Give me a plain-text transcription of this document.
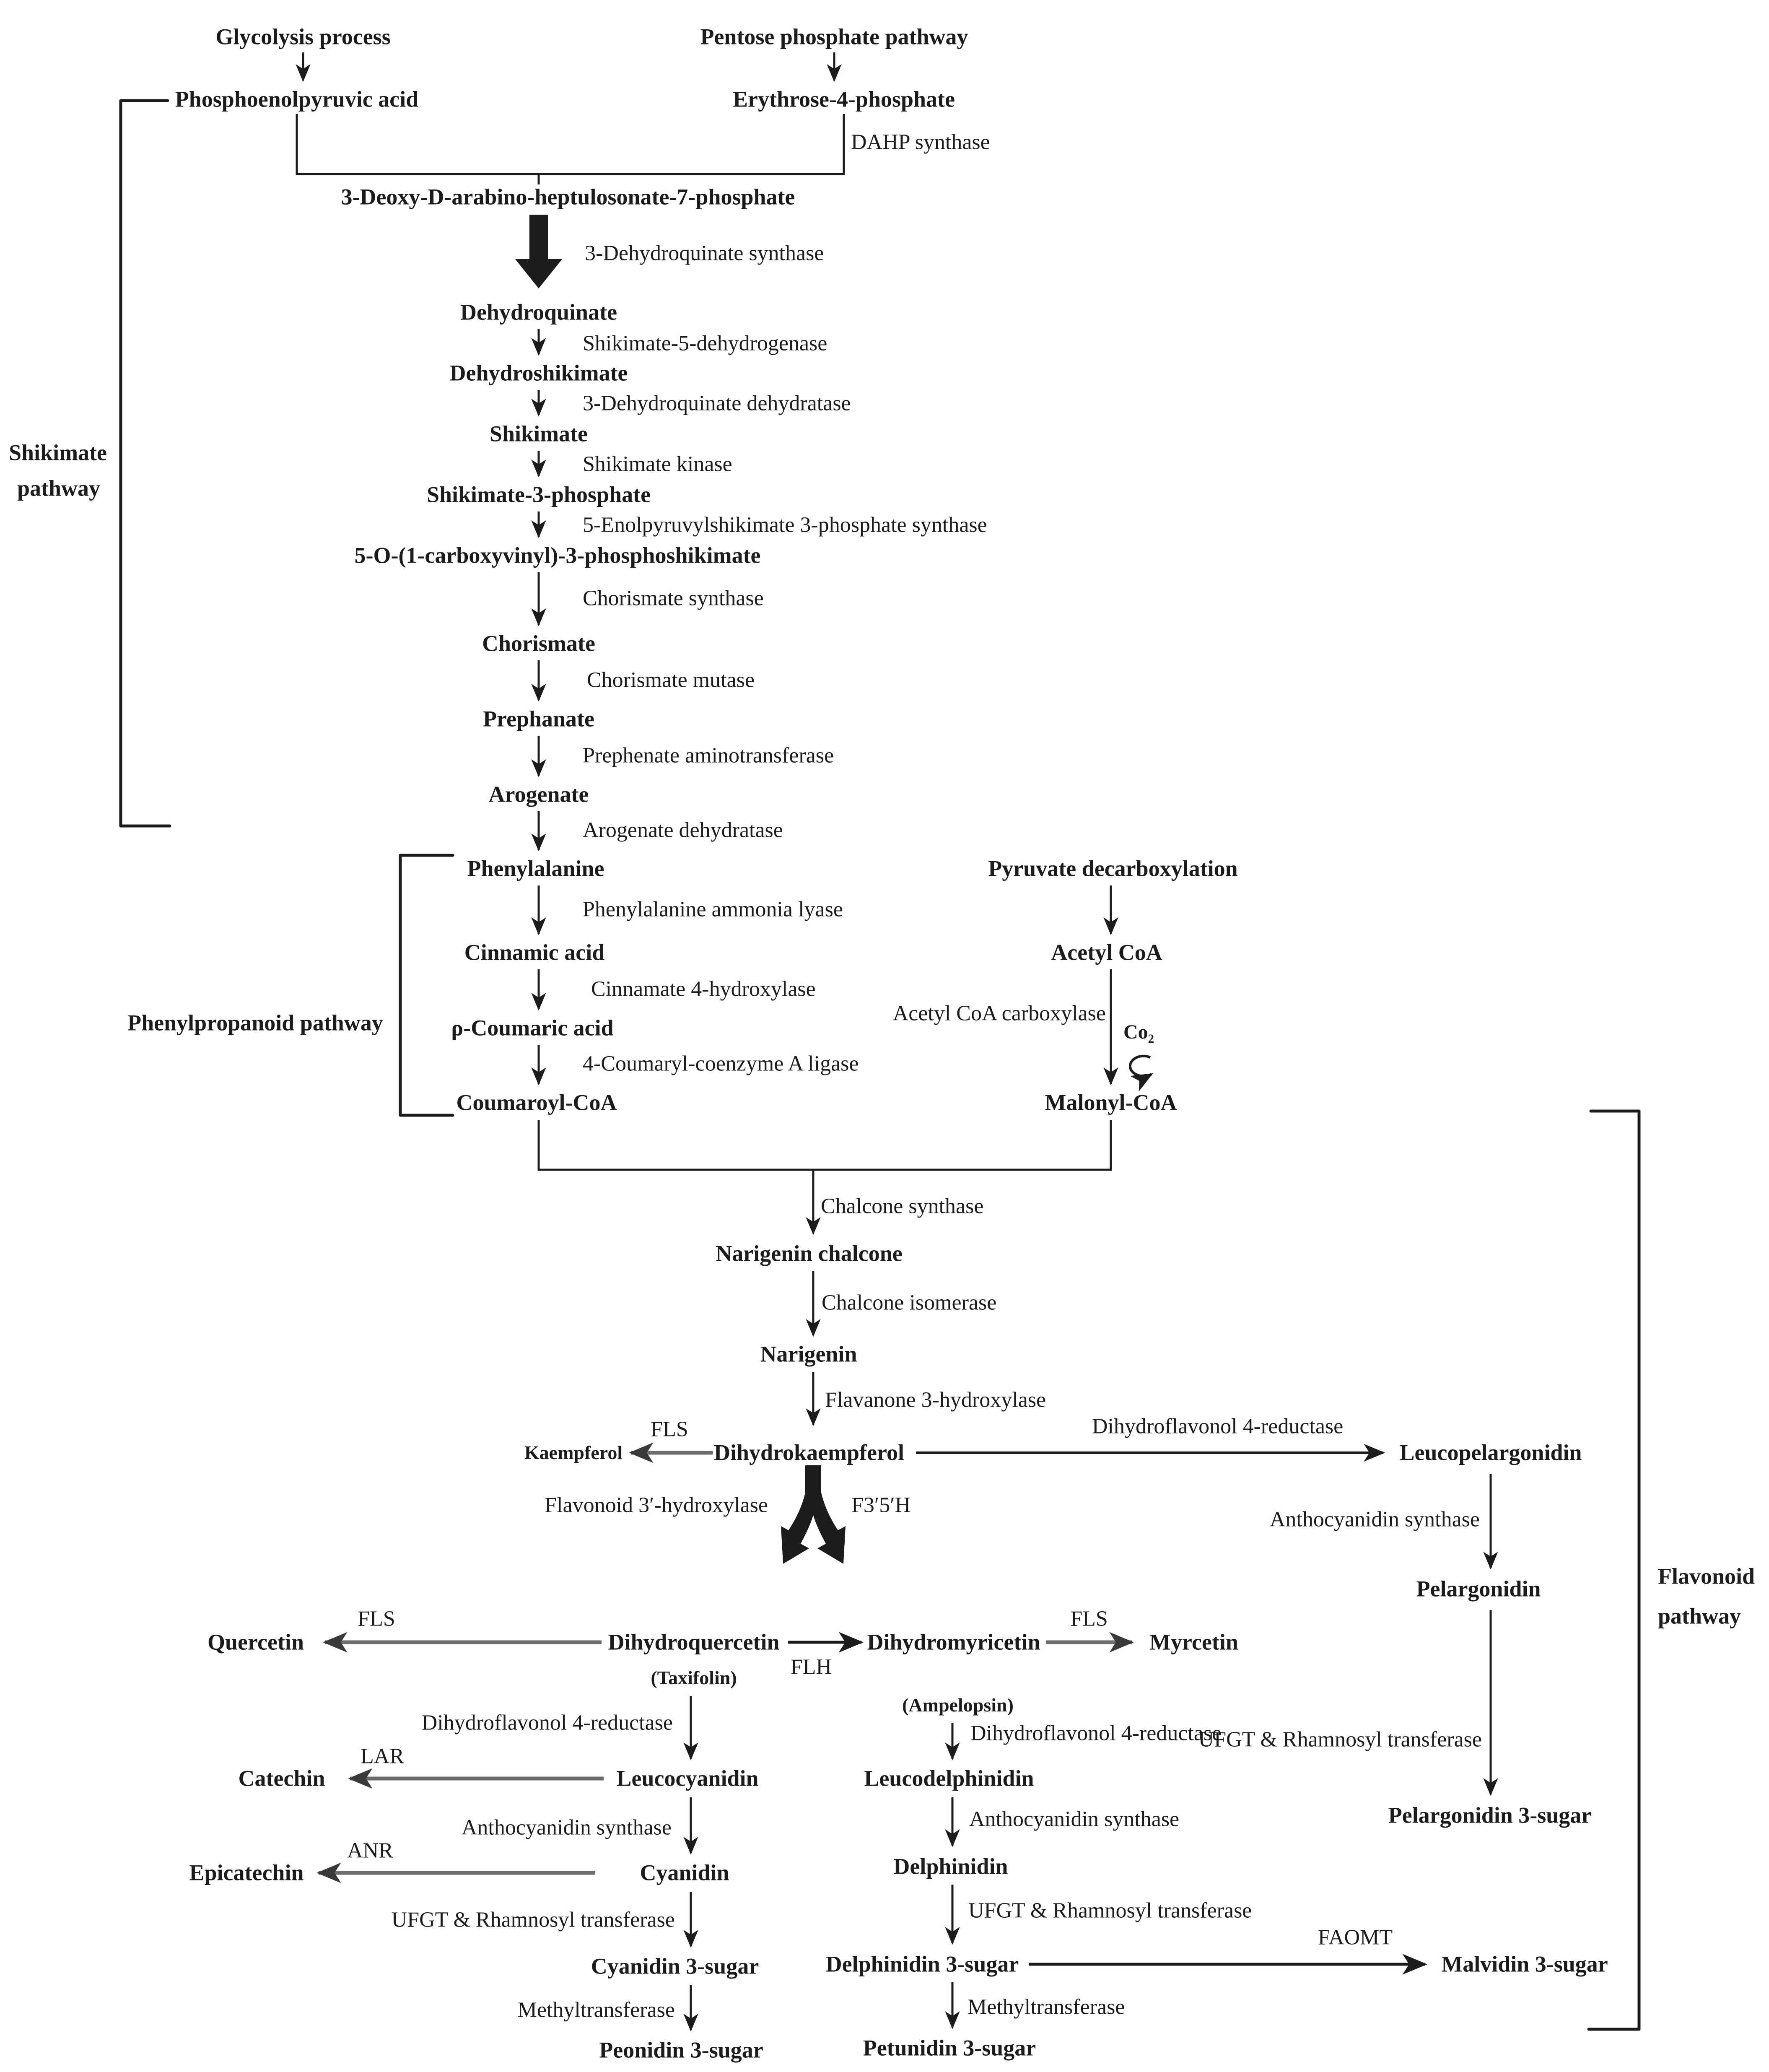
Glycolysis process	Pentose phosphate pathway
Phosphoenolpyruvic acid	Erythrose-4-phosphate
3-Deoxy-D-arabino-heptulosonate-7-phosphate
Dehydroquinate
Dehydroshikimate
Shikimate
Shikimate-3-phosphate
5-O-(1-carboxyvinyl)-3-phosphoshikimate
Chorismate
Prephanate
Arogenate
Phenylalanine
Cinnamic acid
ρ-Coumaric acid
Coumaroyl-CoA
Pyruvate decarboxylation
Acetyl CoA
Co₂
Malonyl-CoA
Narigenin chalcone
Narigenin
Kaempferol	Dihydrokaempferol	Leucopelargonidin
Quercetin	Dihydroquercetin
(Taxifolin)
Dihydromyricetin
(Ampelopsin)
Myrcetin
Pelargonidin
Catechin	Leucocyanidin	Leucodelphinidin
Pelargonidin 3-sugar
Epicatechin	Cyanidin	Delphinidin
Cyanidin 3-sugar	Delphinidin 3-sugar	Malvidin 3-sugar
Peonidin 3-sugar	Petunidin 3-sugar
Shikimate
pathway
Phenylpropanoid pathway
Flavonoid
pathway
DAHP synthase
3-Dehydroquinate synthase
Shikimate-5-dehydrogenase
3-Dehydroquinate dehydratase
Shikimate kinase
5-Enolpyruvylshikimate 3-phosphate synthase
Chorismate synthase
Chorismate mutase
Prephenate aminotransferase
Arogenate dehydratase
Phenylalanine ammonia lyase
Cinnamate 4-hydroxylase
4-Coumaryl-coenzyme A ligase
Acetyl CoA carboxylase
Chalcone synthase
Chalcone isomerase
Flavanone 3-hydroxylase
FLS	Dihydroflavonol 4-reductase
Flavonoid 3′-hydroxylase	F3′5′H
FLS
FLH
FLS
Dihydroflavonol 4-reductase	Dihydroflavonol 4-reductase
Anthocyanidin synthase
LAR
Anthocyanidin synthase	Anthocyanidin synthase
ANR
UFGT & Rhamnosyl transferase	UFGT & Rhamnosyl transferase
UFGT & Rhamnosyl transferase
FAOMT
Methyltransferase	Methyltransferase
